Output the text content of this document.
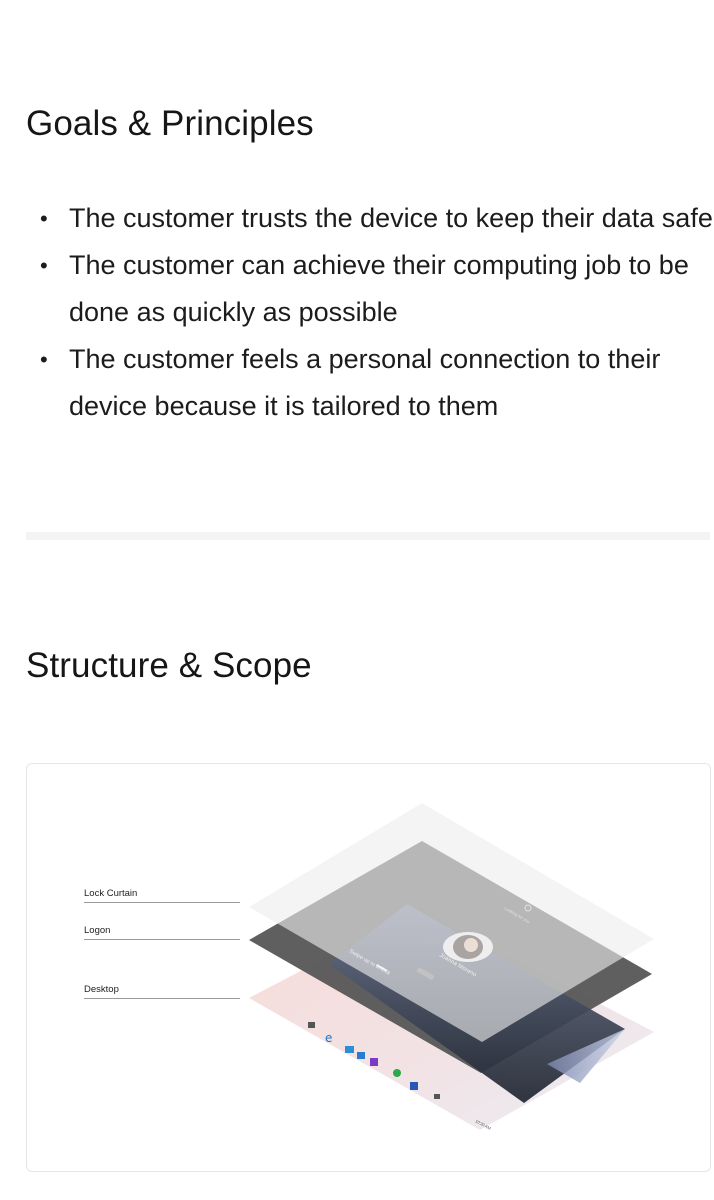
Goals & Principles
• The customer trusts the device to keep their data safe
• The customer can achieve their computing job to be done as quickly as possible
• The customer feels a personal connection to their device because it is tailored to them
Structure & Scope
e
10:30 AM
Lock Curtain
Logon
Desktop
